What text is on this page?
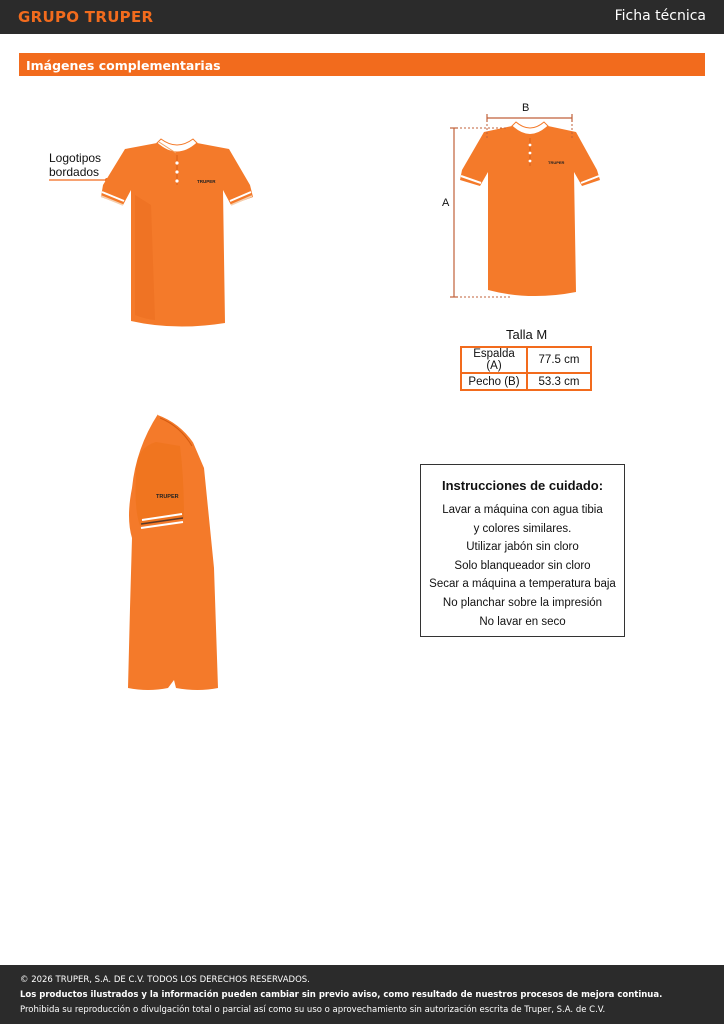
GRUPO TRUPER	Ficha técnica
Imágenes complementarias
Logotipos
bordados
TRUPER
B
A
TRUPER
Talla M
Espalda (A)	77.5 cm
Pecho (B)	53.3 cm
TRUPER
Instrucciones de cuidado:
Lavar a máquina con agua tibia
y colores similares.
Utilizar jabón sin cloro
Solo blanqueador sin cloro
Secar a máquina a temperatura baja
No planchar sobre la impresión
No lavar en seco
© 2026 TRUPER, S.A. DE C.V. TODOS LOS DERECHOS RESERVADOS.
Los productos ilustrados y la información pueden cambiar sin previo aviso, como resultado de nuestros procesos de mejora continua.
Prohibida su reproducción o divulgación total o parcial así como su uso o aprovechamiento sin autorización escrita de Truper, S.A. de C.V.
